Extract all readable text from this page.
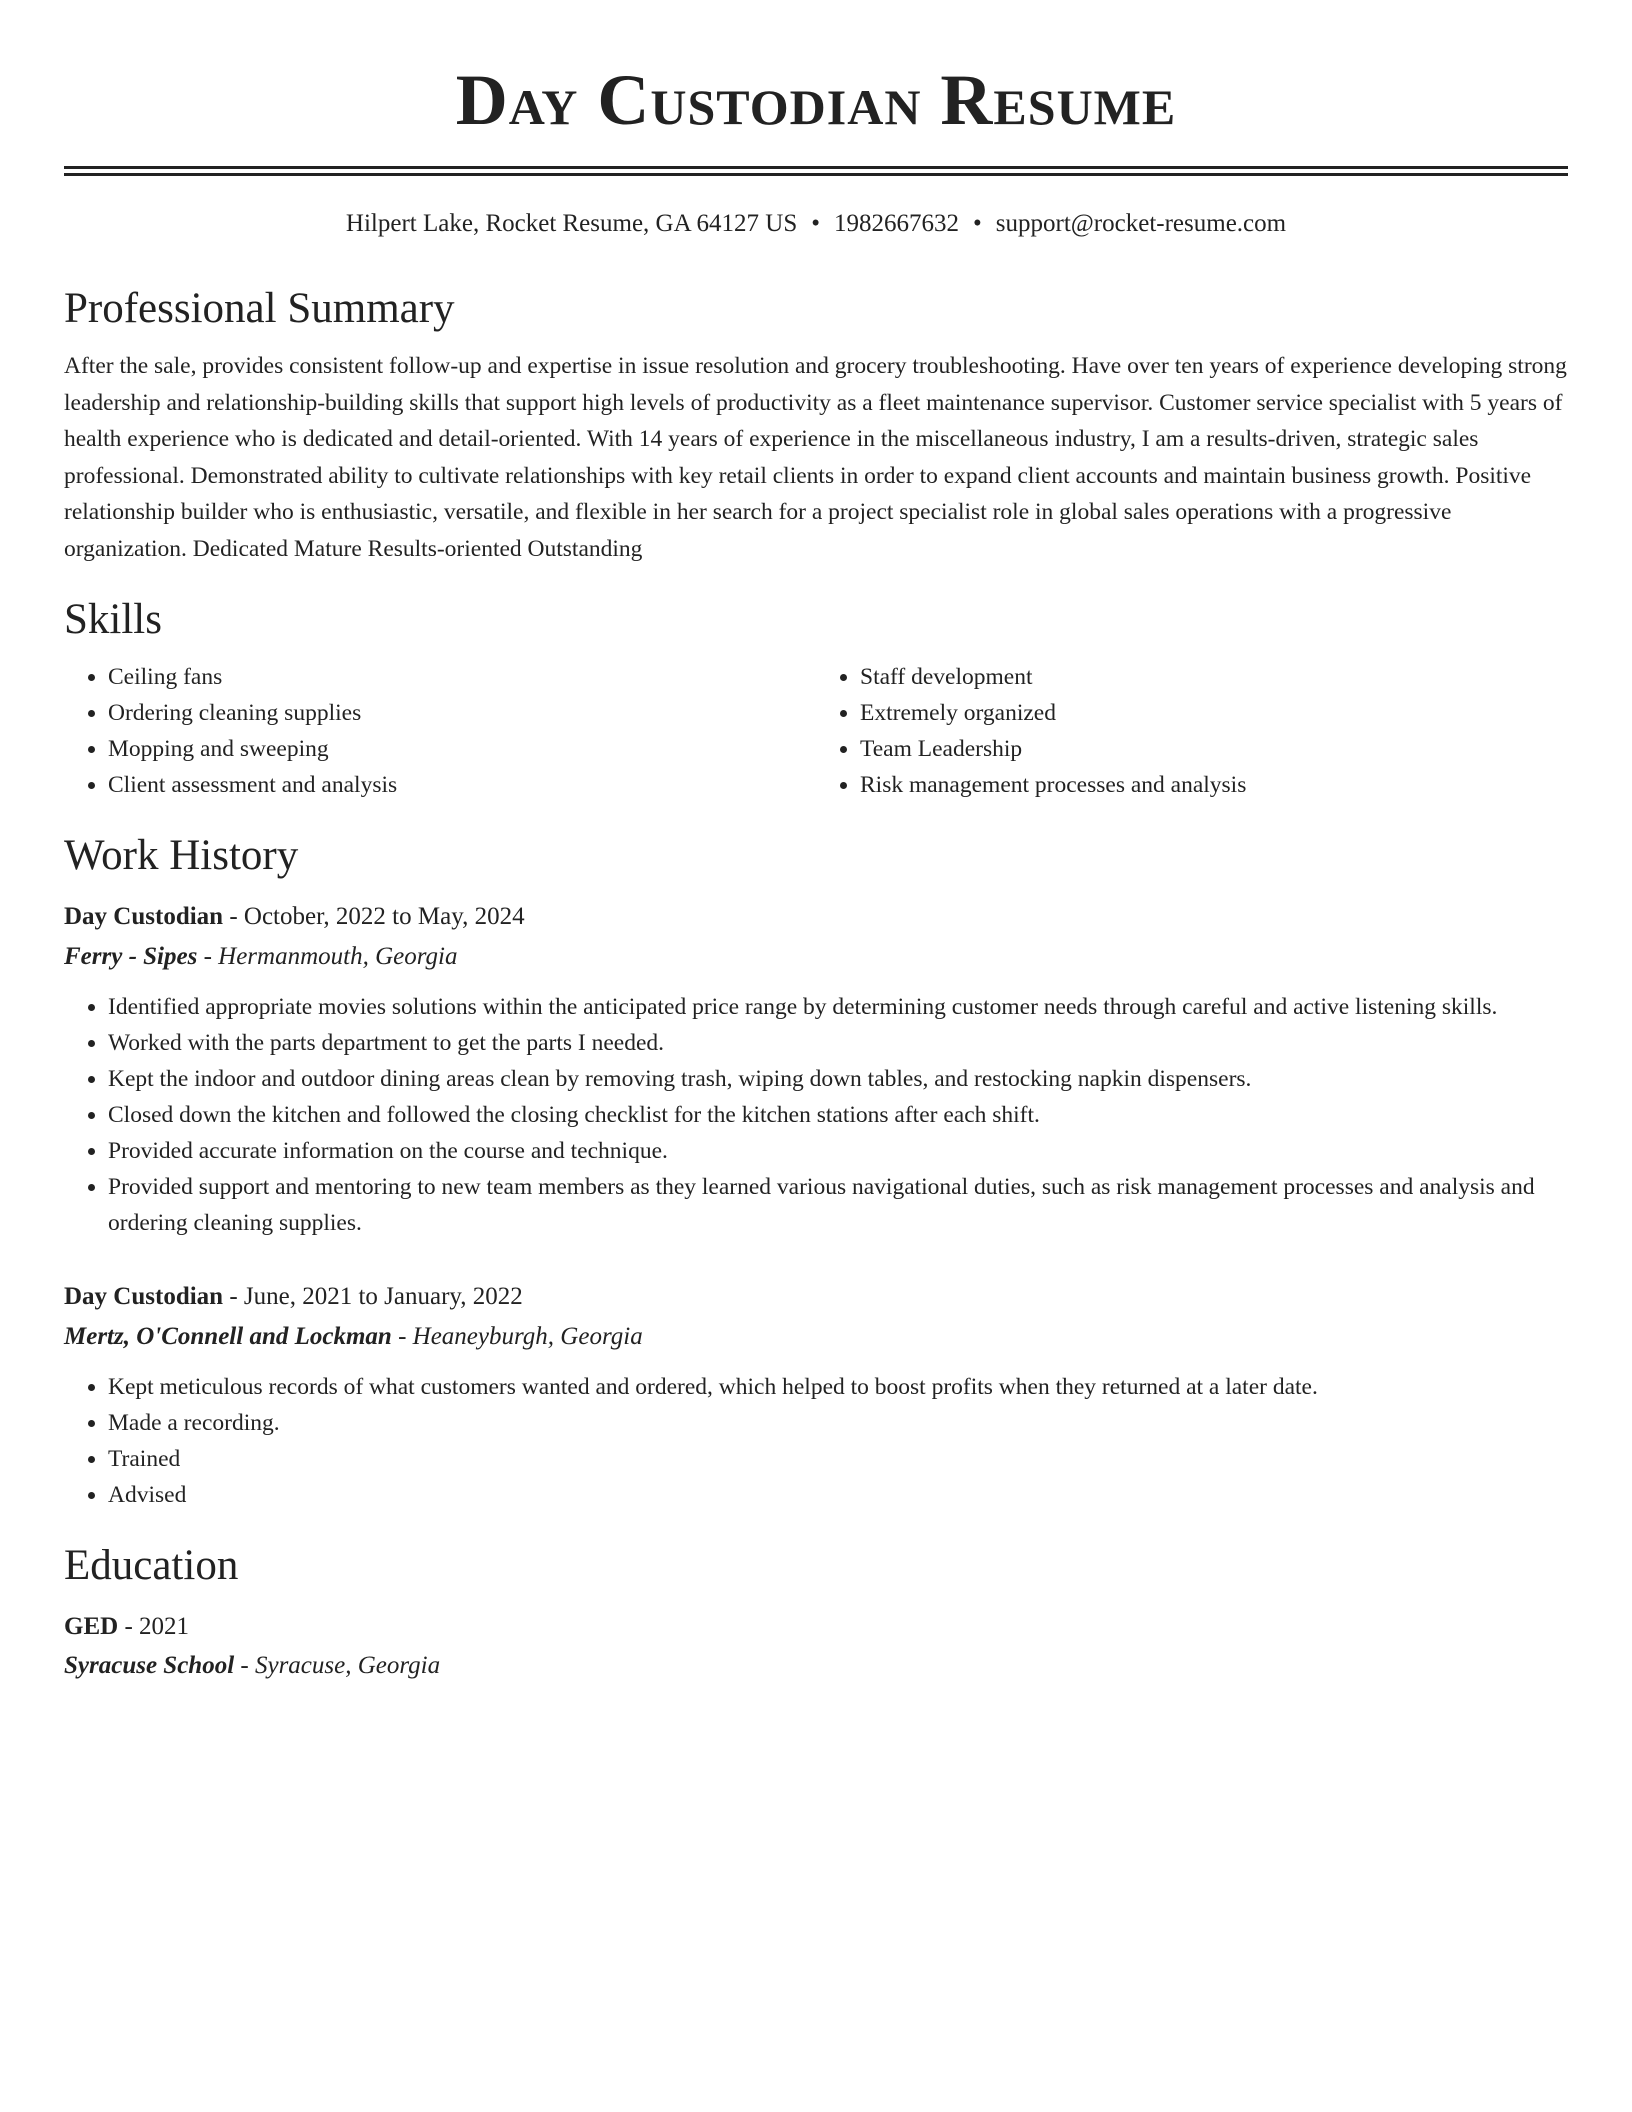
Day Custodian Resume
Hilpert Lake, Rocket Resume, GA 64127 US • 1982667632 • support@rocket-resume.com
Professional Summary

After the sale, provides consistent follow-up and expertise in issue resolution and grocery troubleshooting. Have over ten years of experience developing strong leadership and relationship-building skills that support high levels of productivity as a fleet maintenance supervisor. Customer service specialist with 5 years of health experience who is dedicated and detail-oriented. With 14 years of experience in the miscellaneous industry, I am a results-driven, strategic sales professional. Demonstrated ability to cultivate relationships with key retail clients in order to expand client accounts and maintain business growth. Positive relationship builder who is enthusiastic, versatile, and flexible in her search for a project specialist role in global sales operations with a progressive organization. Dedicated Mature Results-oriented Outstanding

Skills
• Ceiling fans
• Ordering cleaning supplies
• Mopping and sweeping
• Client assessment and analysis
• Staff development
• Extremely organized
• Team Leadership
• Risk management processes and analysis
Work History
Day Custodian - October, 2022 to May, 2024
Ferry - Sipes - Hermanmouth, Georgia
• Identified appropriate movies solutions within the anticipated price range by determining customer needs through careful and active listening skills.
• Worked with the parts department to get the parts I needed.
• Kept the indoor and outdoor dining areas clean by removing trash, wiping down tables, and restocking napkin dispensers.
• Closed down the kitchen and followed the closing checklist for the kitchen stations after each shift.
• Provided accurate information on the course and technique.
• Provided support and mentoring to new team members as they learned various navigational duties, such as risk management processes and analysis and ordering cleaning supplies.
Day Custodian - June, 2021 to January, 2022
Mertz, O'Connell and Lockman - Heaneyburgh, Georgia
• Kept meticulous records of what customers wanted and ordered, which helped to boost profits when they returned at a later date.
• Made a recording.
• Trained
• Advised
Education
GED - 2021
Syracuse School - Syracuse, Georgia
